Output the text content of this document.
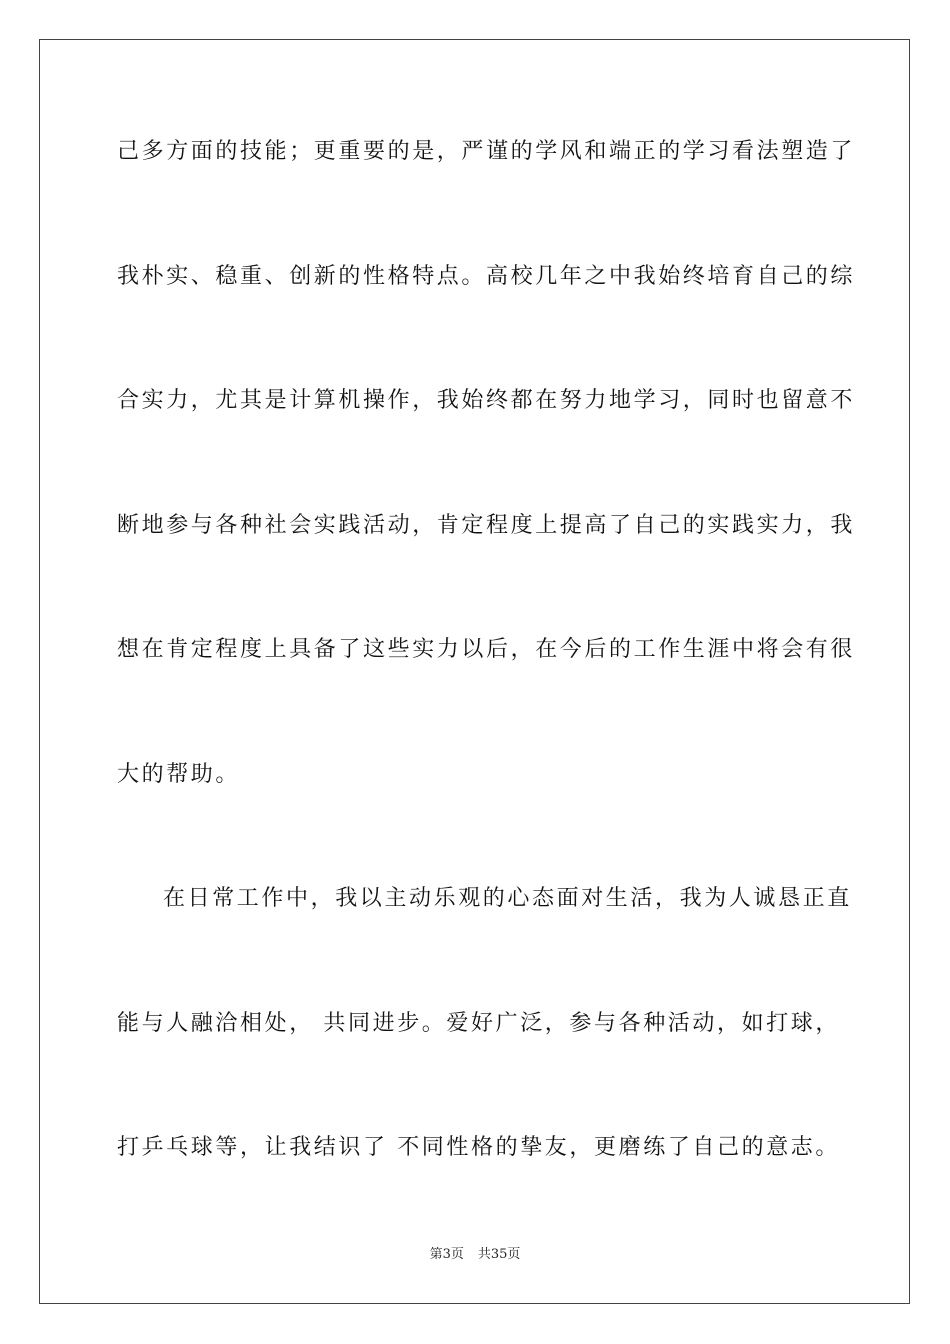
己多方面的技能；更重要的是，严谨的学风和端正的学习看法塑造了
我朴实、稳重、创新的性格特点。高校几年之中我始终培育自己的综
合实力，尤其是计算机操作，我始终都在努力地学习，同时也留意不
断地参与各种社会实践活动，肯定程度上提高了自己的实践实力，我
想在肯定程度上具备了这些实力以后，在今后的工作生涯中将会有很
大的帮助。
在日常工作中，我以主动乐观的心态面对生活，我为人诚恳正直
能与人融洽相处， 共同进步。爱好广泛，参与各种活动，如打球，
打乒乓球等，让我结识了 不同性格的挚友，更磨练了自己的意志。
第3页 共35页
